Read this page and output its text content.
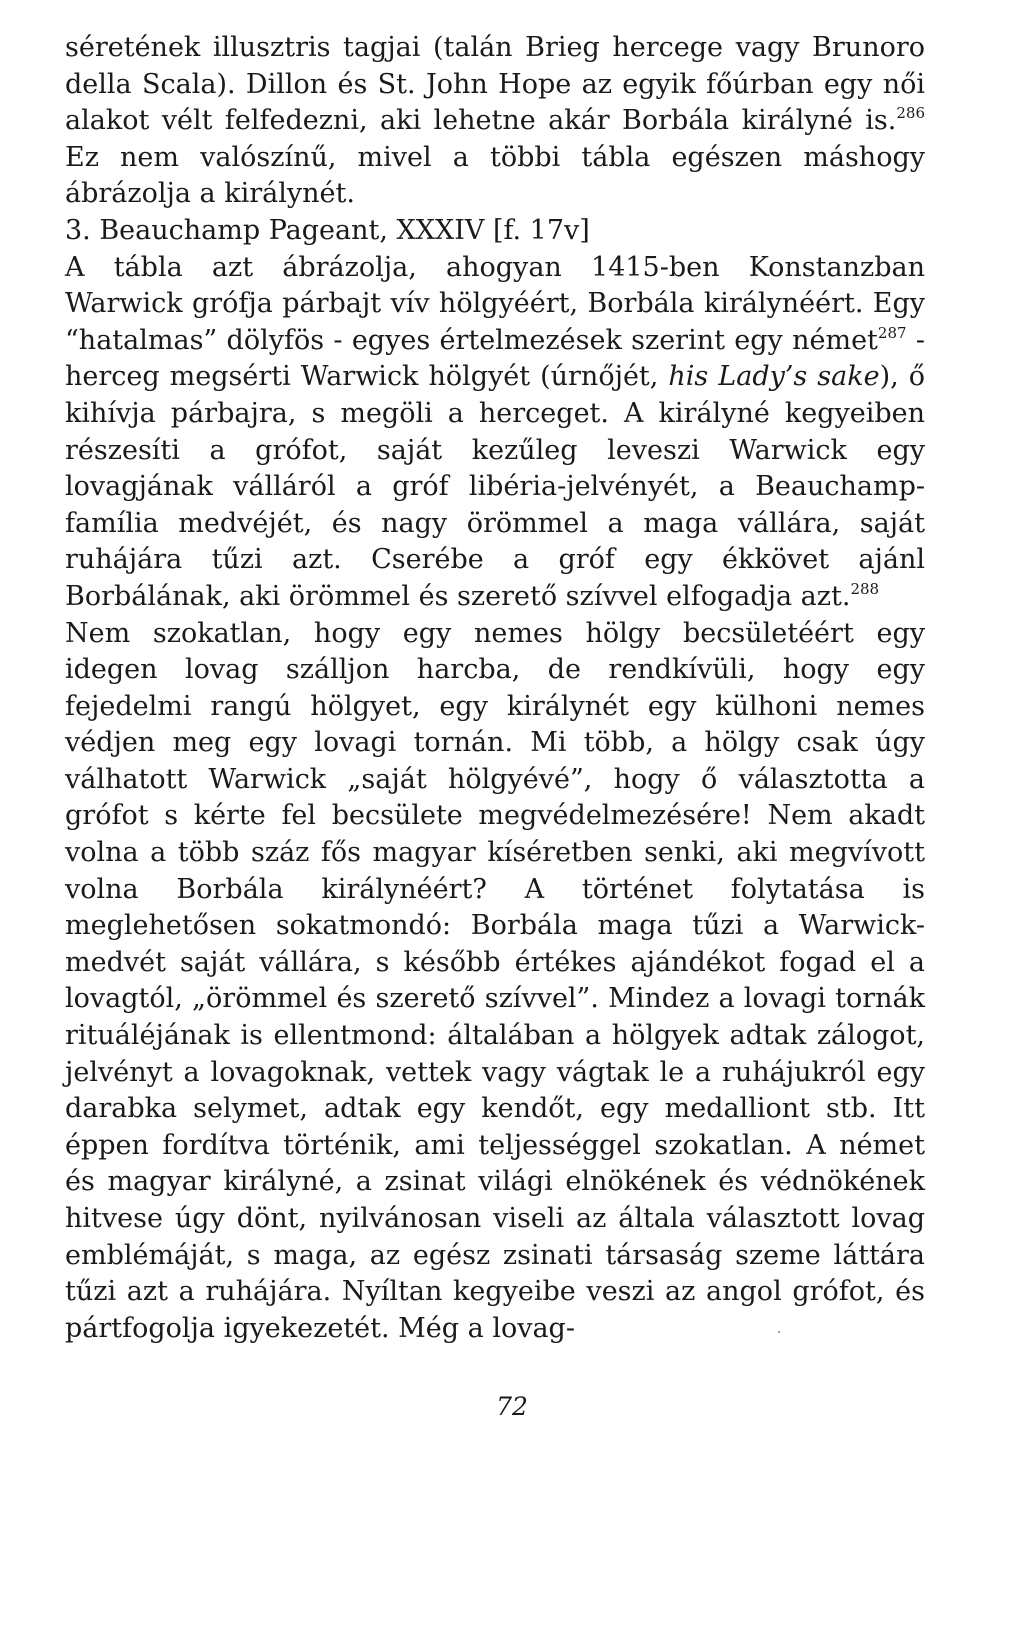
séretének illusztris tagjai (talán Brieg hercege vagy Brunoro della Scala). Dillon és St. John Hope az egyik főúrban egy női alakot vélt felfedezni, aki lehetne akár Borbála királyné is.$^{286}$ Ez nem valószínű, mivel a többi tábla egészen máshogy ábrázolja a királynét.

3. Beauchamp Pageant, XXXIV [f. 17v]

A tábla azt ábrázolja, ahogyan 1415-ben Konstanzban Warwick grófja párbajt vív hölgyéért, Borbála királynéért. Egy “hatalmas” dölyfös - egyes értelmezések szerint egy német$^{287}$ - herceg megsérti Warwick hölgyét (úrnőjét, his Lady’s sake), ő kihívja párbajra, s megöli a herceget. A királyné kegyeiben részesíti a grófot, saját kezűleg leveszi Warwick egy lovagjának válláról a gróf libéria-jelvényét, a Beauchamp-família medvéjét, és nagy örömmel a maga vállára, saját ruhájára tűzi azt. Cserébe a gróf egy ékkövet ajánl Borbálának, aki örömmel és szerető szívvel elfogadja azt.$^{288}$

Nem szokatlan, hogy egy nemes hölgy becsületéért egy idegen lovag szálljon harcba, de rendkívüli, hogy egy fejedelmi rangú hölgyet, egy királynét egy külhoni nemes védjen meg egy lovagi tornán. Mi több, a hölgy csak úgy válhatott Warwick „saját hölgyévé”, hogy ő választotta a grófot s kérte fel becsülete megvédelmezésére! Nem akadt volna a több száz fős magyar kíséretben senki, aki megvívott volna Borbála királynéért? A történet folytatása is meglehetősen sokatmondó: Borbála maga tűzi a Warwick-medvét saját vállára, s később értékes ajándékot fogad el a lovagtól, „örömmel és szerető szívvel”. Mindez a lovagi tornák rituáléjának is ellentmond: általában a hölgyek adtak zálogot, jelvényt a lovagoknak, vettek vagy vágtak le a ruhájukról egy darabka selymet, adtak egy kendőt, egy medalliont stb. Itt éppen fordítva történik, ami teljességgel szokatlan. A német és magyar királyné, a zsinat világi elnökének és védnökének hitvese úgy dönt, nyilvánosan viseli az általa választott lovag emblémáját, s maga, az egész zsinati társaság szeme láttára tűzi azt a ruhájára. Nyíltan kegyeibe veszi az angol grófot, és pártfogolja igyekezetét. Még a lovag-

72
